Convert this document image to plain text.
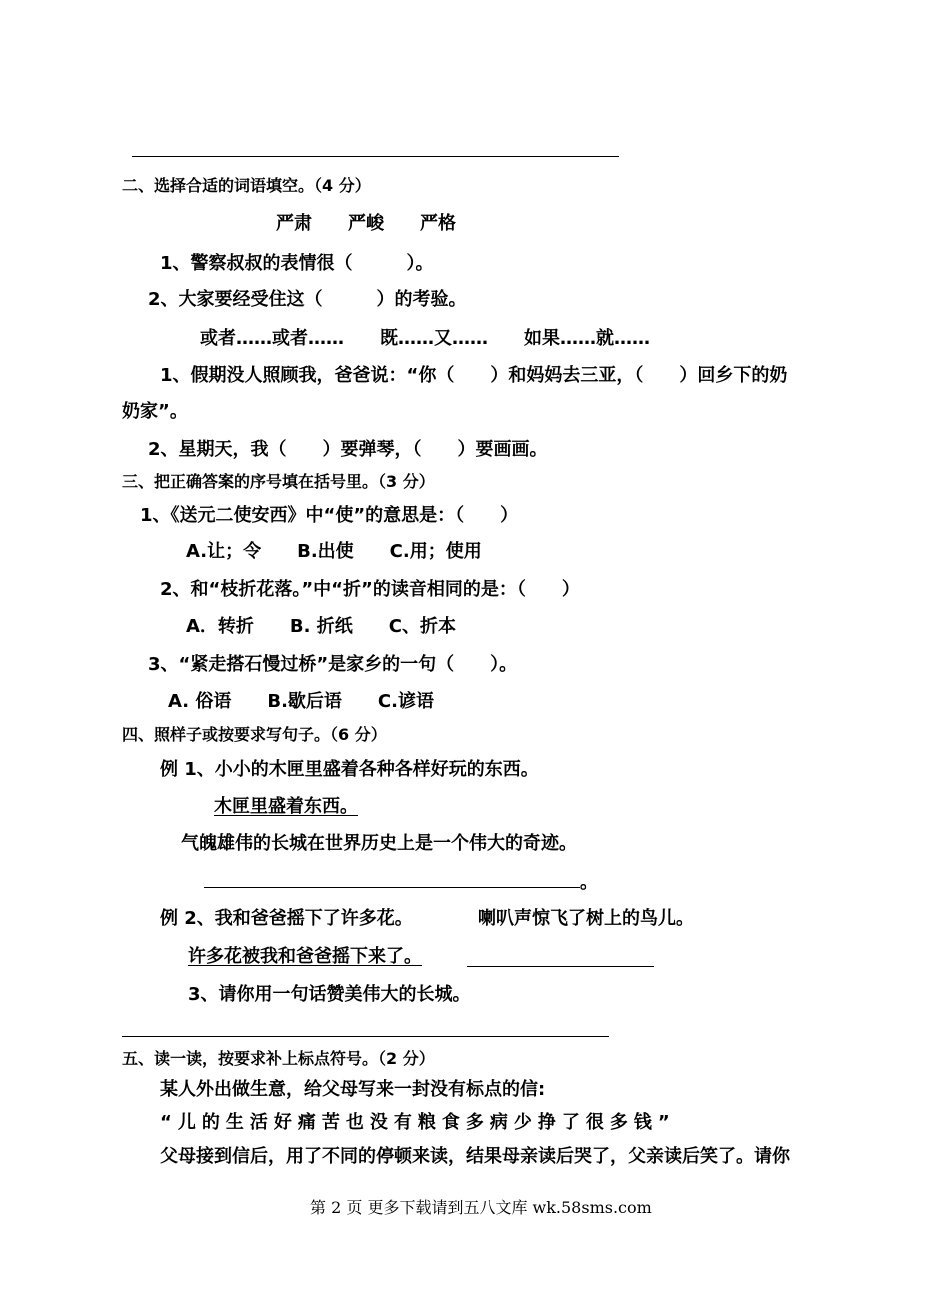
二、选择合适的词语填空。（4 分）
严肃　　严峻　　严格
1、警察叔叔的表情很（　　　）。
2、大家要经受住这（　　　）的考验。
或者……或者……　　既……又……　　如果……就……
1、假期没人照顾我，爸爸说：“你（　　）和妈妈去三亚，（　　）回乡下的奶
奶家”。
2、星期天，我（　　）要弹琴，（　　）要画画。
三、把正确答案的序号填在括号里。（3 分）
1、《送元二使安西》中“使”的意思是：（　　）
A.让；令　　B.出使　　C.用；使用
2、和“枝折花落。”中“折”的读音相同的是：（　　）
A．转折　　B. 折纸　　C、折本
3、“紧走搭石慢过桥”是家乡的一句（　　）。
A. 俗语　　B.歇后语　　C.谚语
四、照样子或按要求写句子。（6 分）
例 1、小小的木匣里盛着各种各样好玩的东西。
木匣里盛着东西。
气魄雄伟的长城在世界历史上是一个伟大的奇迹。
。
例 2、我和爸爸摇下了许多花。	喇叭声惊飞了树上的鸟儿。
许多花被我和爸爸摇下来了。
3、请你用一句话赞美伟大的长城。
五、读一读，按要求补上标点符号。（2 分）
某人外出做生意，给父母写来一封没有标点的信:
“儿的生活好痛苦也没有粮食多病少挣了很多钱”
父母接到信后，用了不同的停顿来读，结果母亲读后哭了，父亲读后笑了。请你
第 2 页 更多下载请到五八文库 wk.58sms.com
